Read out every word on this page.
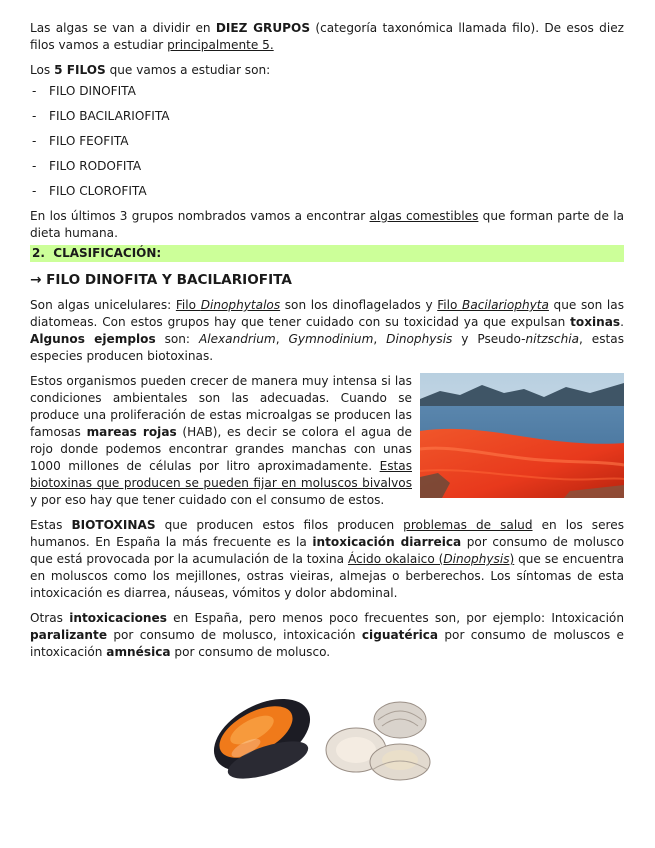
Las algas se van a dividir en DIEZ GRUPOS (categoría taxonómica llamada filo). De esos diez filos vamos a estudiar principalmente 5.

Los 5 FILOS que vamos a estudiar son:

- FILO DINOFITA
- FILO BACILARIOFITA
- FILO FEOFITA
- FILO RODOFITA
- FILO CLOROFITA

En los últimos 3 grupos nombrados vamos a encontrar algas comestibles que forman parte de la dieta humana.

2. CLASIFICACIÓN:
→ FILO DINOFITA Y BACILARIOFITA

Son algas unicelulares: Filo Dinophytalos son los dinoflagelados y Filo Bacilariophyta que son las diatomeas. Con estos grupos hay que tener cuidado con su toxicidad ya que expulsan toxinas. Algunos ejemplos son: Alexandrium, Gymnodinium, Dinophysis y Pseudo-nitzschia, estas especies producen biotoxinas.

Estos organismos pueden crecer de manera muy intensa si las condiciones ambientales son las adecuadas. Cuando se produce una proliferación de estas microalgas se producen las famosas mareas rojas (HAB), es decir se colora el agua de rojo donde podemos encontrar grandes manchas con unas 1000 millones de células por litro aproximadamente. Estas biotoxinas que producen se pueden fijar en moluscos bivalvos y por eso hay que tener cuidado con el consumo de estos.

Estas BIOTOXINAS que producen estos filos producen problemas de salud en los seres humanos. En España la más frecuente es la intoxicación diarreica por consumo de molusco que está provocada por la acumulación de la toxina Ácido okalaico (Dinophysis) que se encuentra en moluscos como los mejillones, ostras vieiras, almejas o berberechos. Los síntomas de esta intoxicación es diarrea, náuseas, vómitos y dolor abdominal.

Otras intoxicaciones en España, pero menos poco frecuentes son, por ejemplo: Intoxicación paralizante por consumo de molusco, intoxicación ciguatérica por consumo de moluscos e intoxicación amnésica por consumo de molusco.
